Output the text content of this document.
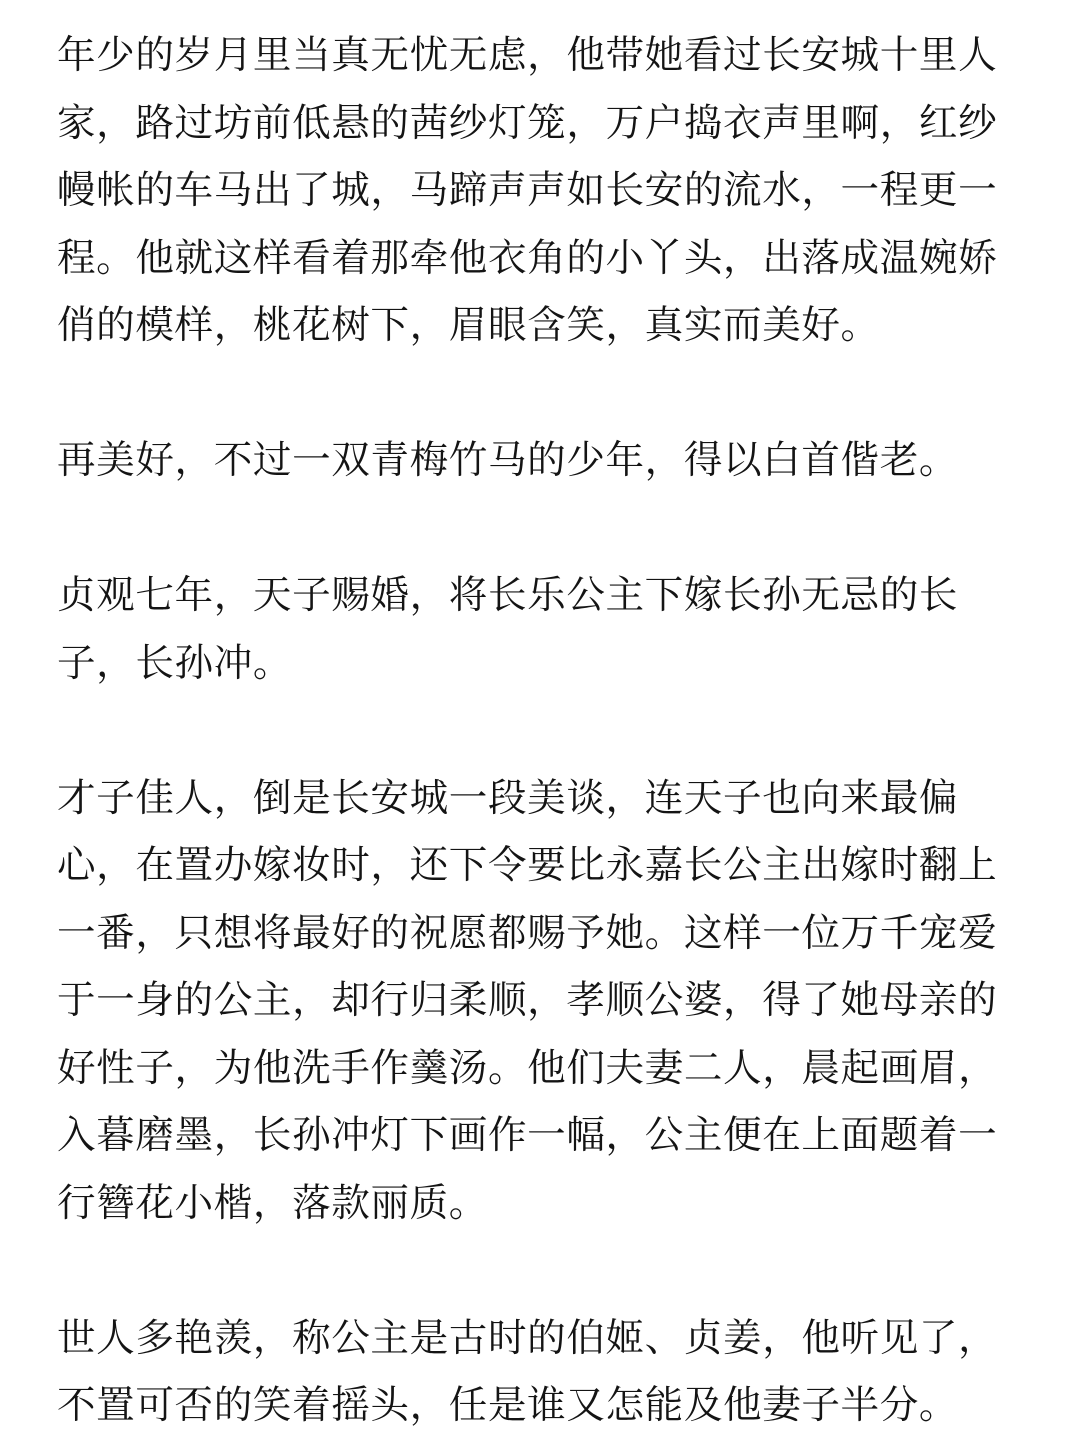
年少的岁月里当真无忧无虑，他带她看过长安城十里人
家，路过坊前低悬的茜纱灯笼，万户捣衣声里啊，红纱
幔帐的车马出了城，马蹄声声如长安的流水，一程更一
程。他就这样看着那牵他衣角的小丫头，出落成温婉娇
俏的模样，桃花树下，眉眼含笑，真实而美好。
再美好，不过一双青梅竹马的少年，得以白首偕老。
贞观七年，天子赐婚，将长乐公主下嫁长孙无忌的长
子，长孙冲。
才子佳人，倒是长安城一段美谈，连天子也向来最偏
心，在置办嫁妆时，还下令要比永嘉长公主出嫁时翻上
一番，只想将最好的祝愿都赐予她。这样一位万千宠爱
于一身的公主，却行归柔顺，孝顺公婆，得了她母亲的
好性子，为他洗手作羹汤。他们夫妻二人，晨起画眉，
入暮磨墨，长孙冲灯下画作一幅，公主便在上面题着一
行簪花小楷，落款丽质。
世人多艳羡，称公主是古时的伯姬、贞姜，他听见了，
不置可否的笑着摇头，任是谁又怎能及他妻子半分。
